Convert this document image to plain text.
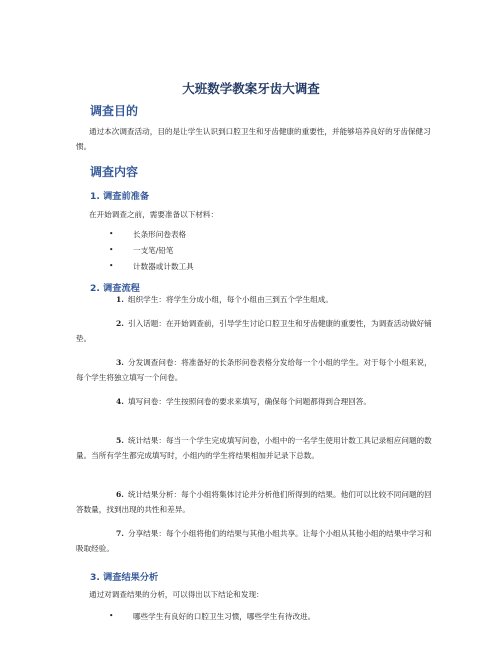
大班数学教案牙齿大调查
调查目的

通过本次调查活动，目的是让学生认识到口腔卫生和牙齿健康的重要性，并能够培养良好的牙齿保健习惯。

调查内容
1. 调查前准备

在开始调查之前，需要准备以下材料：

•	长条形问卷表格
•	一支笔/铅笔
•	计数器或计数工具
2. 调查流程
1. 组织学生：将学生分成小组，每个小组由三到五个学生组成。
2. 引入话题：在开始调查前，引导学生讨论口腔卫生和牙齿健康的重要性，为调查活动做好铺垫。
3. 分发调查问卷：将准备好的长条形问卷表格分发给每一个小组的学生。对于每个小组来说，每个学生将独立填写一个问卷。
4. 填写问卷：学生按照问卷的要求来填写，确保每个问题都得到合理回答。
5. 统计结果：每当一个学生完成填写问卷，小组中的一名学生使用计数工具记录相应问题的数量。当所有学生都完成填写时，小组内的学生将结果相加并记录下总数。
6. 统计结果分析：每个小组将集体讨论并分析他们所得到的结果。他们可以比较不同问题的回答数量，找到出现的共性和差异。
7. 分享结果：每个小组将他们的结果与其他小组共享。让每个小组从其他小组的结果中学习和吸取经验。
3. 调查结果分析

通过对调查结果的分析，可以得出以下结论和发现：

•	哪些学生有良好的口腔卫生习惯，哪些学生有待改进。
